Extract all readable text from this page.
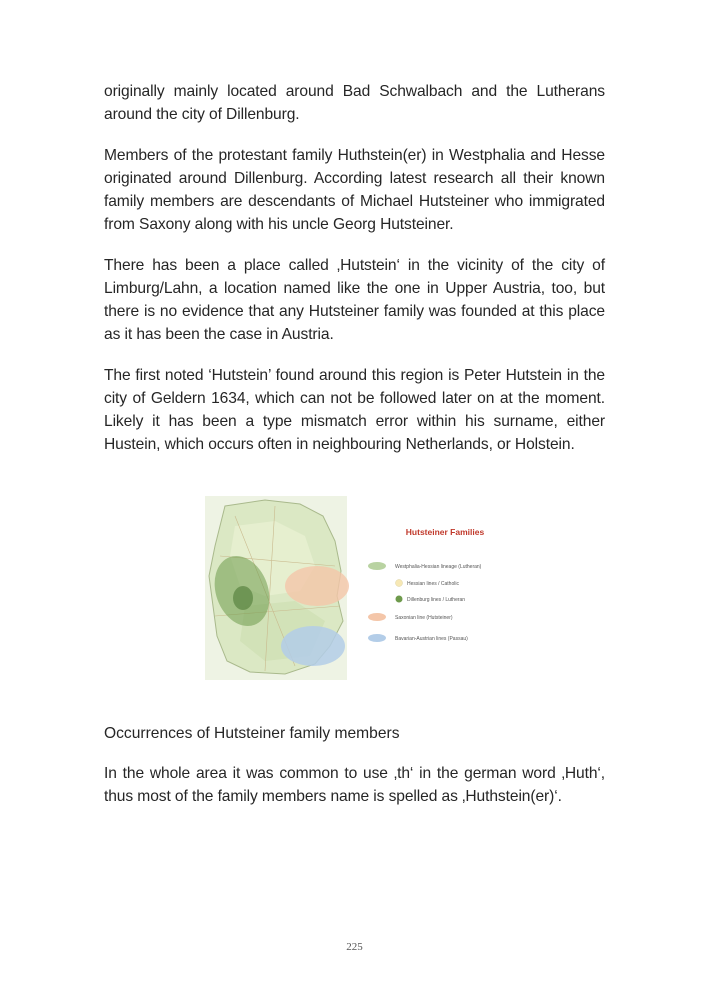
originally mainly located around Bad Schwalbach and the Lutherans around the city of Dillenburg.

Members of the protestant family Huthstein(er) in Westphalia and Hesse originated around Dillenburg. According latest research all their known family members are descendants of Michael Hutsteiner who immigrated from Saxony along with his uncle Georg Hutsteiner.

There has been a place called ‚Hutstein‘ in the vicinity of the city of Limburg/Lahn, a location named like the one in Upper Austria, too, but there is no evidence that any Hutsteiner family was founded at this place as it has been the case in Austria.

The first noted ‘Hutstein’ found around this region is Peter Hutstein in the city of Geldern 1634, which can not be followed later on at the moment. Likely it has been a type mismatch error within his surname, either Hustein, which occurs often in neighbouring Netherlands, or Holstein.

Hutsteiner Families
Westphalia-Hessian lineage (Lutheran)
Hessian lines / Catholic
Dillenburg lines / Lutheran
Saxonian line (Hutsteiner)
Bavarian-Austrian lines (Passau)
Occurrences of Hutsteiner family members

In the whole area it was common to use ‚th‘ in the german word ‚Huth‘, thus most of the family members name is spelled as ‚Huthstein(er)‘.

225
